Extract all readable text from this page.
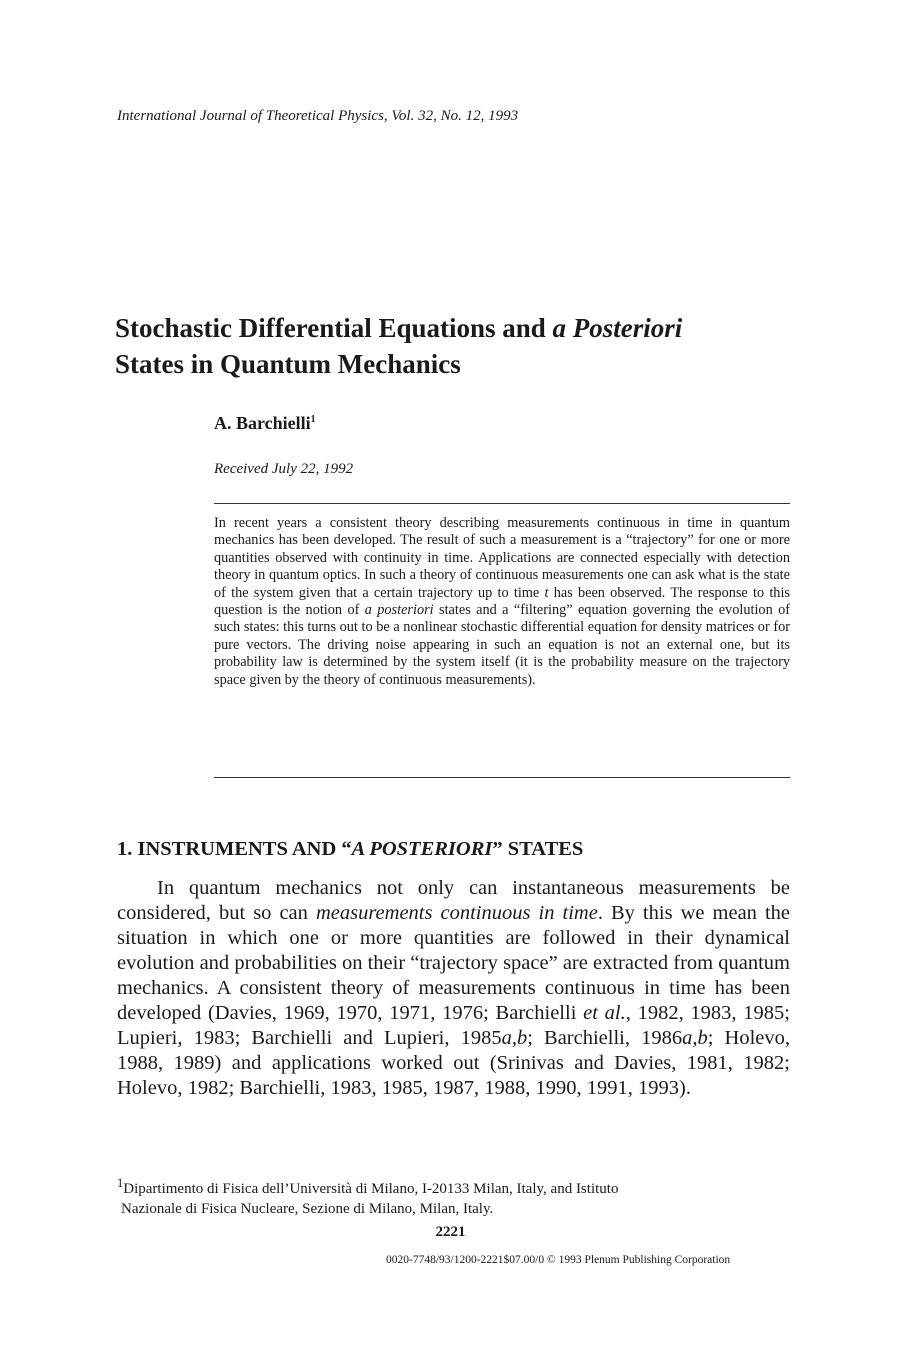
International Journal of Theoretical Physics, Vol. 32, No. 12, 1993
Stochastic Differential Equations and a Posteriori
States in Quantum Mechanics
A. Barchielli$^1$
Received July 22, 1992
In recent years a consistent theory describing measurements continuous in time in quantum mechanics has been developed. The result of such a measurement is a “trajectory” for one or more quantities observed with continuity in time. Applications are connected especially with detection theory in quantum optics. In such a theory of continuous measurements one can ask what is the state of the system given that a certain trajectory up to time t has been observed. The response to this question is the notion of a posteriori states and a “filtering” equation governing the evolution of such states: this turns out to be a nonlinear stochastic differential equation for density matrices or for pure vectors. The driving noise appearing in such an equation is not an external one, but its probability law is determined by the system itself (it is the probability measure on the trajectory space given by the theory of continuous measurements).
1. INSTRUMENTS AND “A POSTERIORI” STATES
In quantum mechanics not only can instantaneous measurements be considered, but so can measurements continuous in time. By this we mean the situation in which one or more quantities are followed in their dynamical evolution and probabilities on their “trajectory space” are extracted from quantum mechanics. A consistent theory of measurements continuous in time has been developed (Davies, 1969, 1970, 1971, 1976; Barchielli et al., 1982, 1983, 1985; Lupieri, 1983; Barchielli and Lupieri, 1985a,b; Barchielli, 1986a,b; Holevo, 1988, 1989) and applications worked out (Srinivas and Davies, 1981, 1982; Holevo, 1982; Barchielli, 1983, 1985, 1987, 1988, 1990, 1991, 1993).
$^1$Dipartimento di Fisica dell’Università di Milano, I-20133 Milan, Italy, and Istituto
Nazionale di Fisica Nucleare, Sezione di Milano, Milan, Italy.
2221
0020-7748/93/1200-2221$07.00/0 © 1993 Plenum Publishing Corporation
